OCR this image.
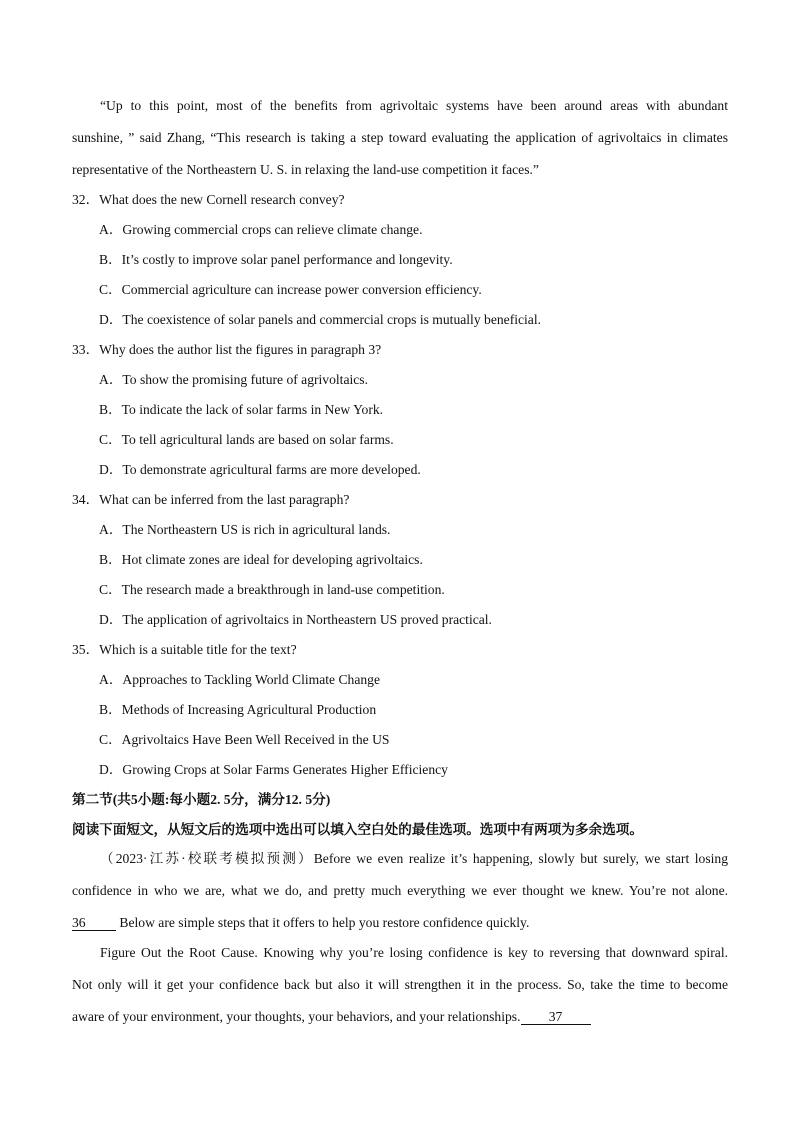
“Up to this point, most of the benefits from agrivoltaic systems have been around areas with abundant
sunshine, ” said Zhang, “This research is taking a step toward evaluating the application of agrivoltaics in climates
representative of the Northeastern U. S. in relaxing the land-use competition it faces.”
32．What does the new Cornell research convey?
A．Growing commercial crops can relieve climate change.
B．It’s costly to improve solar panel performance and longevity.
C．Commercial agriculture can increase power conversion efficiency.
D．The coexistence of solar panels and commercial crops is mutually beneficial.
33．Why does the author list the figures in paragraph 3?
A．To show the promising future of agrivoltaics.
B．To indicate the lack of solar farms in New York.
C．To tell agricultural lands are based on solar farms.
D．To demonstrate agricultural farms are more developed.
34．What can be inferred from the last paragraph?
A．The Northeastern US is rich in agricultural lands.
B．Hot climate zones are ideal for developing agrivoltaics.
C．The research made a breakthrough in land-use competition.
D．The application of agrivoltaics in Northeastern US proved practical.
35．Which is a suitable title for the text?
A．Approaches to Tackling World Climate Change
B．Methods of Increasing Agricultural Production
C．Agrivoltaics Have Been Well Received in the US
D．Growing Crops at Solar Farms Generates Higher Efficiency
第二节(共5小题:每小题2. 5分，满分12. 5分)
阅读下面短文，从短文后的选项中选出可以填入空白处的最佳选项。选项中有两项为多余选项。
（2023·江苏·校联考模拟预测）Before we even realize it’s happening, slowly but surely, we start losing
confidence in who we are, what we do, and pretty much everything we ever thought we knew. You’re not alone.
36 Below are simple steps that it offers to help you restore confidence quickly.
Figure Out the Root Cause. Knowing why you’re losing confidence is key to reversing that downward spiral.
Not only will it get your confidence back but also it will strengthen it in the process. So, take the time to become
aware of your environment, your thoughts, your behaviors, and your relationships. 37
